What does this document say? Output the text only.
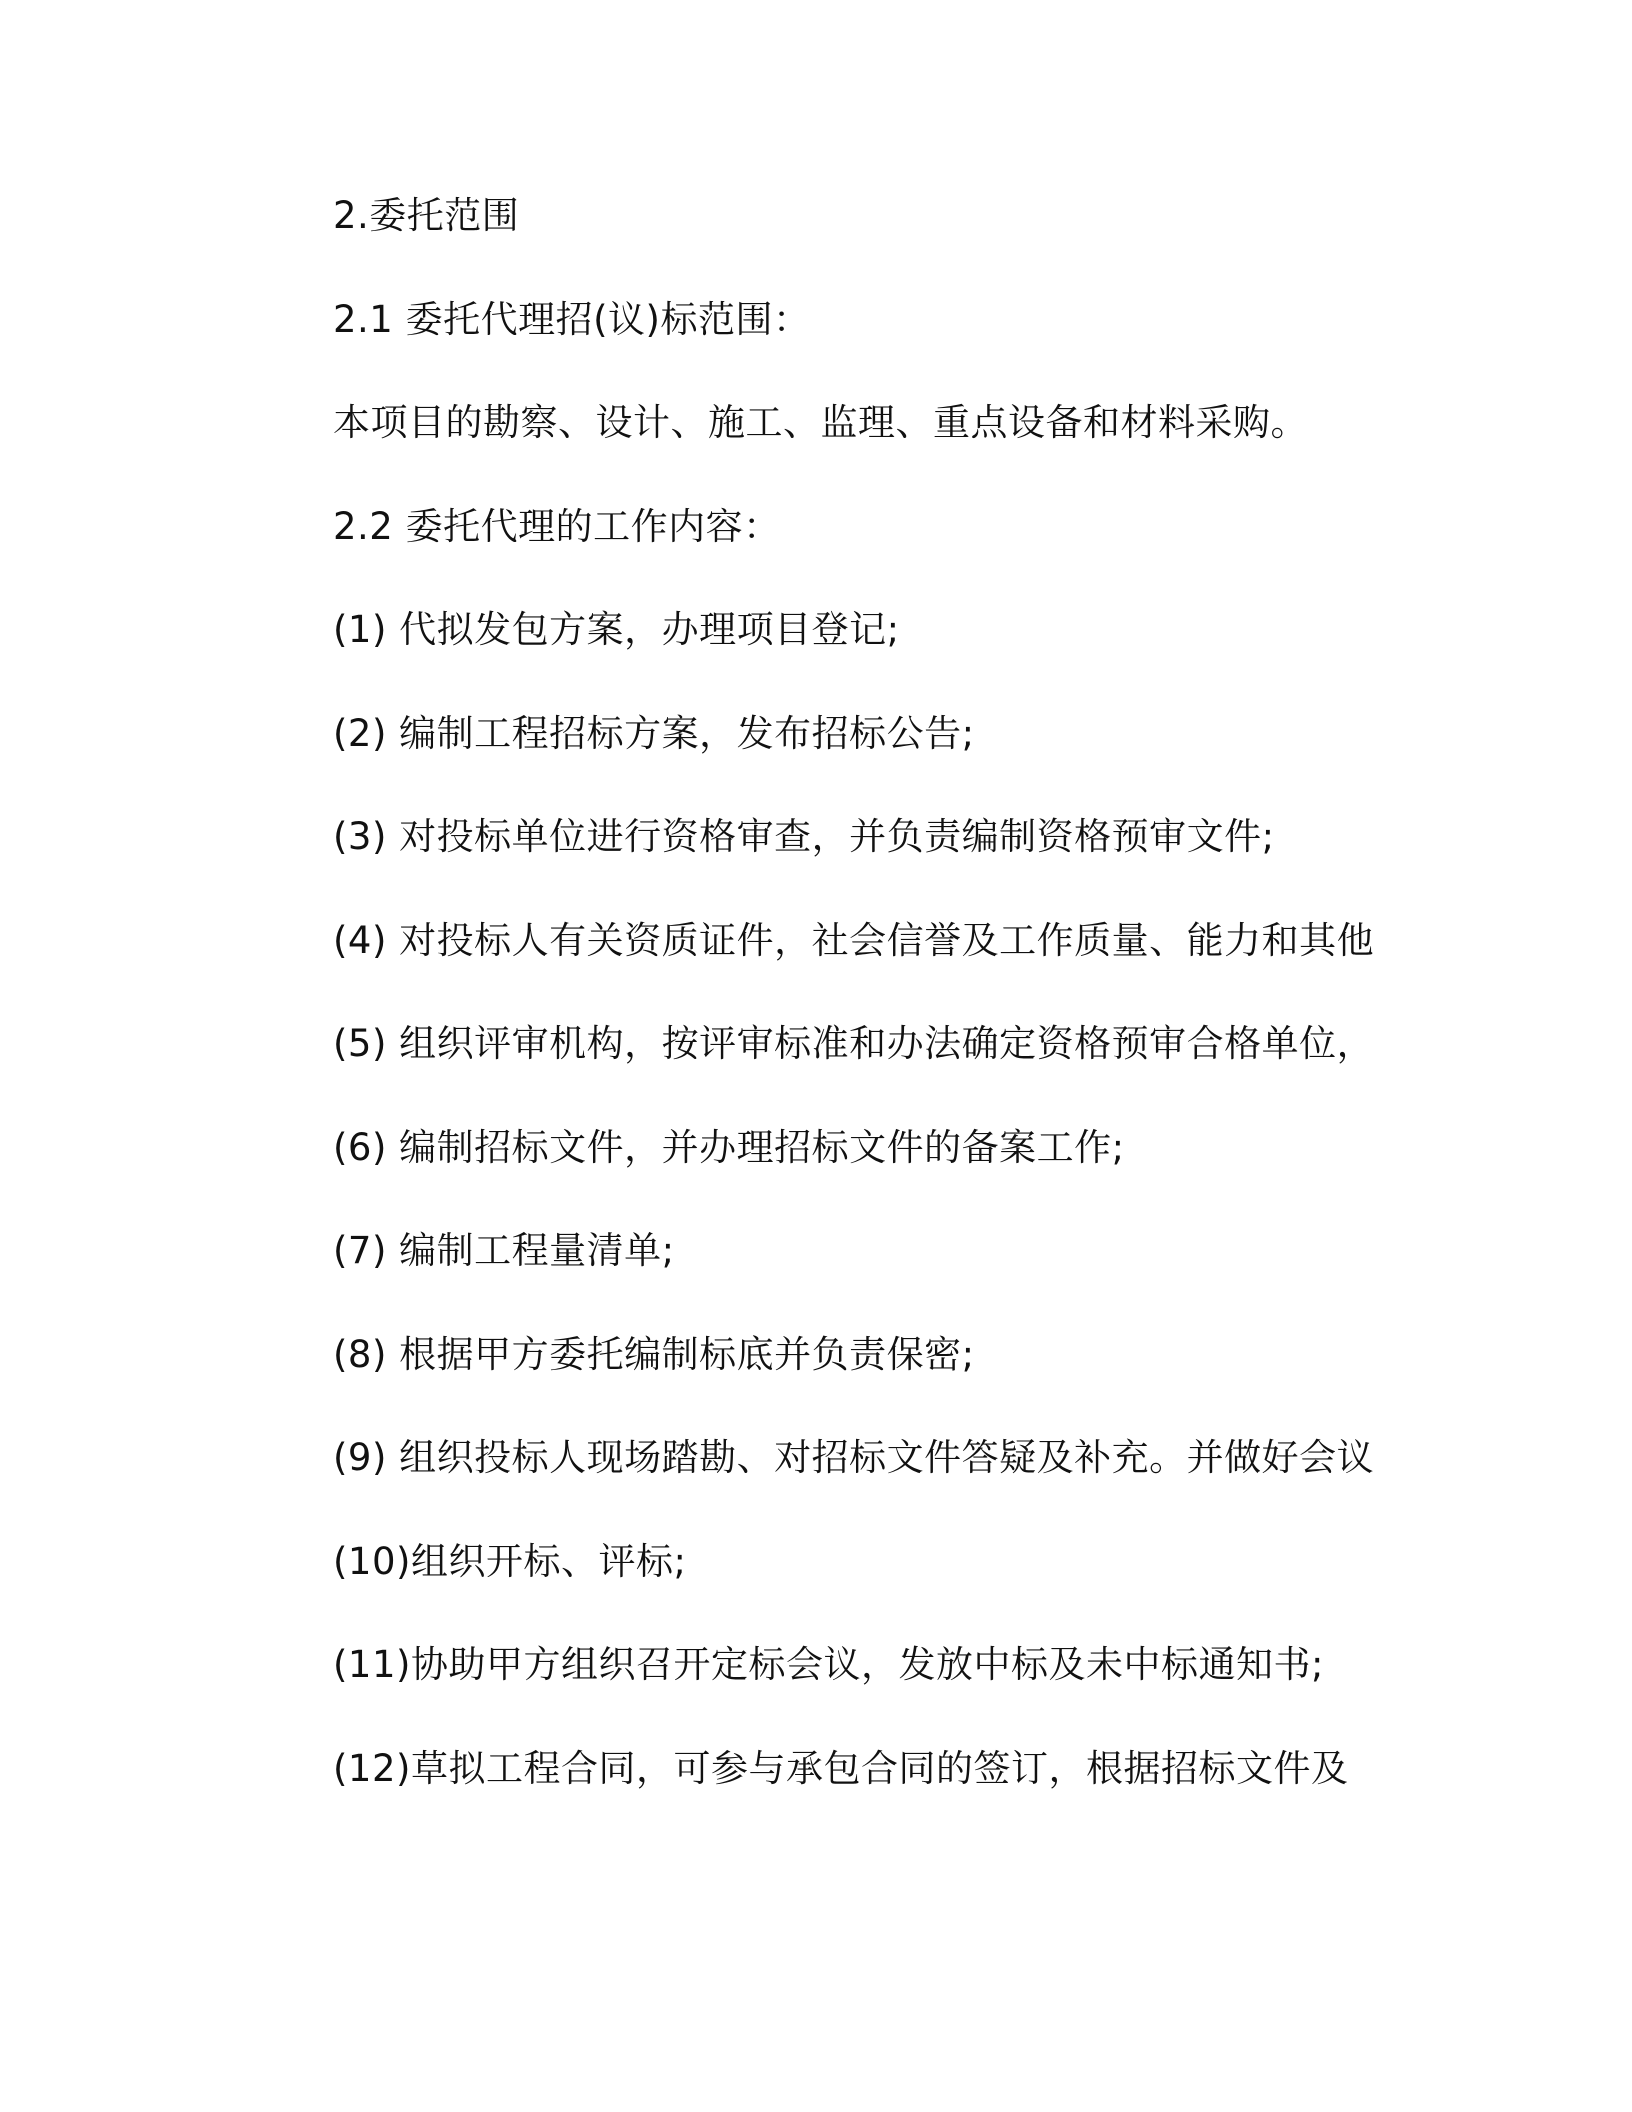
2.委托范围
2.1 委托代理招(议)标范围：
本项目的勘察、设计、施工、监理、重点设备和材料采购。
2.2 委托代理的工作内容：
(1) 代拟发包方案，办理项目登记;
(2) 编制工程招标方案，发布招标公告;
(3) 对投标单位进行资格审查，并负责编制资格预审文件;
(4) 对投标人有关资质证件，社会信誉及工作质量、能力和其他
(5) 组织评审机构，按评审标准和办法确定资格预审合格单位，
(6) 编制招标文件，并办理招标文件的备案工作;
(7) 编制工程量清单;
(8) 根据甲方委托编制标底并负责保密;
(9) 组织投标人现场踏勘、对招标文件答疑及补充。并做好会议
(10)组织开标、评标;
(11)协助甲方组织召开定标会议，发放中标及未中标通知书;
(12)草拟工程合同，可参与承包合同的签订，根据招标文件及
